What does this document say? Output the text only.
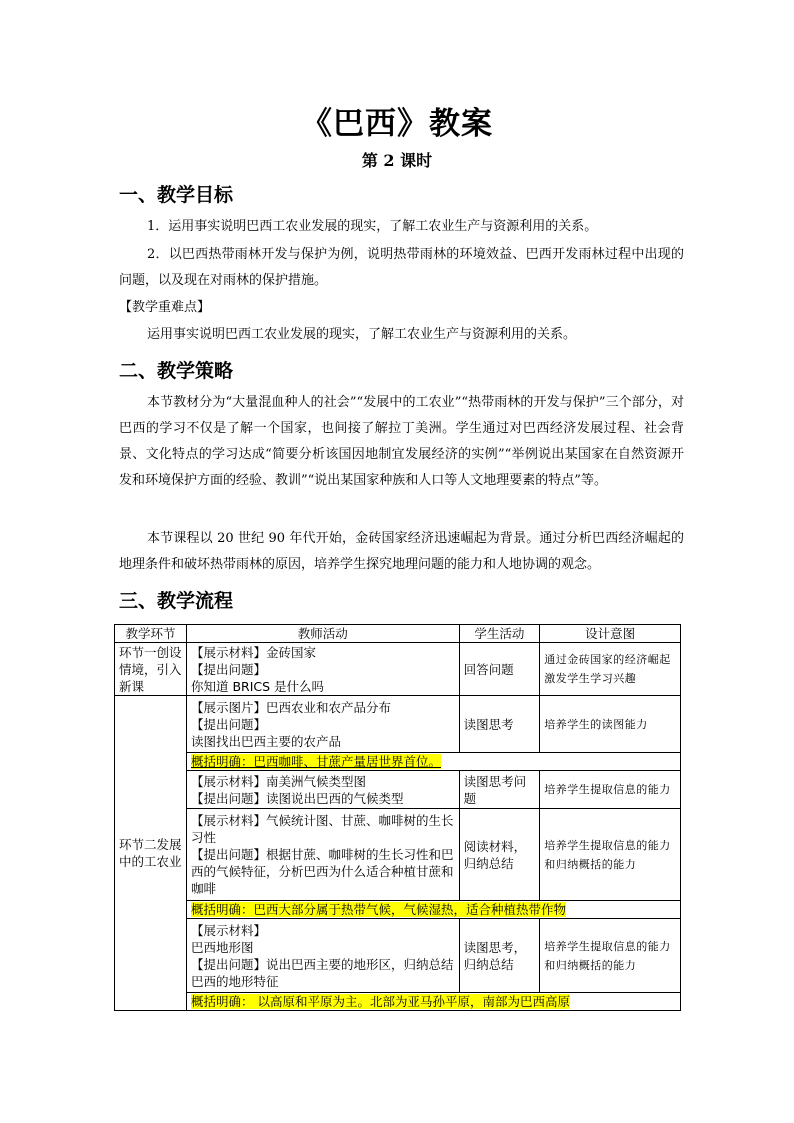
《巴西》教案
第 2 课时
一、教学目标
1．运用事实说明巴西工农业发展的现实，了解工农业生产与资源利用的关系。
2．以巴西热带雨林开发与保护为例，说明热带雨林的环境效益、巴西开发雨林过程中出现的问题，以及现在对雨林的保护措施。
【教学重难点】
运用事实说明巴西工农业发展的现实，了解工农业生产与资源利用的关系。
二、教学策略
本节教材分为“大量混血种人的社会”“发展中的工农业”“热带雨林的开发与保护”三个部分，对巴西的学习不仅是了解一个国家，也间接了解拉丁美洲。学生通过对巴西经济发展过程、社会背景、文化特点的学习达成“简要分析该国因地制宜发展经济的实例”“举例说出某国家在自然资源开发和环境保护方面的经验、教训”“说出某国家种族和人口等人文地理要素的特点”等。
本节课程以 20 世纪 90 年代开始，金砖国家经济迅速崛起为背景。通过分析巴西经济崛起的地理条件和破坏热带雨林的原因，培养学生探究地理问题的能力和人地协调的观念。
三、教学流程
教学环节	教师活动	学生活动	设计意图
环节一创设情境，引入新课	【展示材料】金砖国家
【提出问题】
你知道 BRICS 是什么吗	回答问题	通过金砖国家的经济崛起激发学生学习兴趣
环节二发展中的工农业	【展示图片】巴西农业和农产品分布
【提出问题】
读图找出巴西主要的农产品	读图思考	培养学生的读图能力
	概括明确：巴西咖啡、甘蔗产量居世界首位。		

	【展示材料】南美洲气候类型图
【提出问题】读图说出巴西的气候类型	读图思考问题	培养学生提取信息的能力

	【展示材料】气候统计图、甘蔗、咖啡树的生长习性
【提出问题】根据甘蔗、咖啡树的生长习性和巴西的气候特征，分析巴西为什么适合种植甘蔗和咖啡	阅读材料，归纳总结	培养学生提取信息的能力和归纳概括的能力
	概括明确：巴西大部分属于热带气候，气候湿热，适合种植热带作物		

	【展示材料】
巴西地形图
【提出问题】说出巴西主要的地形区，归纳总结巴西的地形特征	读图思考，归纳总结	培养学生提取信息的能力和归纳概括的能力
	概括明确： 以高原和平原为主。北部为亚马孙平原，南部为巴西高原		
